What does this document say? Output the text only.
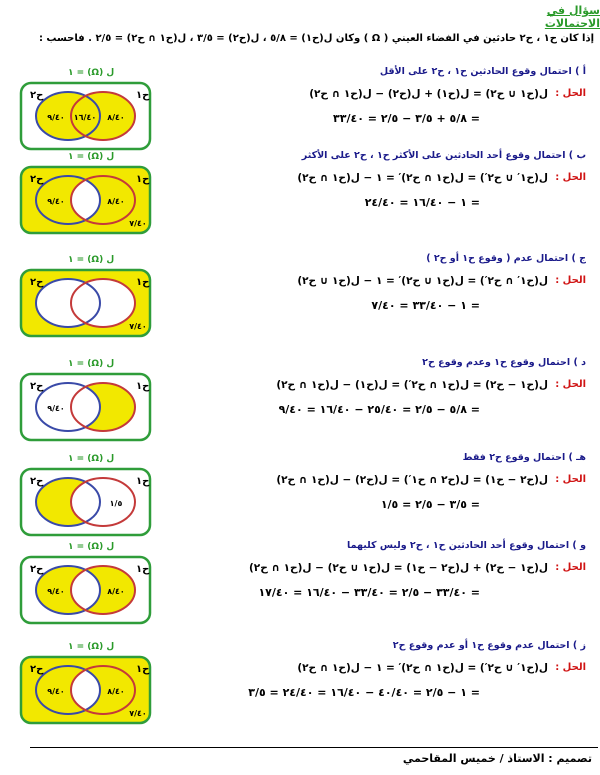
سؤال في الاحتمالات
إذا كان ح١ ، ح٢ حادثين في الفضاء العيني ( Ω ) وكان ل(ح١) = ٥/٨ ، ل(ح٢) = ٣/٥ ، ل(ح١ ∩ ح٢) = ٢/٥ . فاحسب :
أ ) احتمال وقوع الحادثين ح١ ، ح٢ على الأقل
الحل :
ل(ح١ ∪ ح٢) = ل(ح١) + ل(ح٢) − ل(ح١ ∩ ح٢)
= ٥/٨ + ٣/٥ − ٢/٥ = ٣٣/٤٠
ل (Ω) = ١
ح٢	ح١
٩/٤٠ ١٦/٤٠ ٨/٤٠
ب ) احتمال وقوع أحد الحادثين على الأكثر ح١ ، ح٢ على الأكثر
الحل :
ل(ح١′ ∪ ح٢′) = ل(ح١ ∩ ح٢)′ = ١ − ل(ح١ ∩ ح٢)
= ١ − ١٦/٤٠ = ٢٤/٤٠
ل (Ω) = ١
ح٢	ح١
٩/٤٠	٨/٤٠
٧/٤٠
ج ) احتمال عدم ( وقوع ح١ أو ح٢ )
الحل :
ل(ح١′ ∩ ح٢′) = ل(ح١ ∪ ح٢)′ = ١ − ل(ح١ ∪ ح٢)
= ١ − ٣٣/٤٠ = ٧/٤٠
ل (Ω) = ١
ح٢	ح١
٧/٤٠
د ) احتمال وقوع ح١ وعدم وقوع ح٢
الحل :
ل(ح١ − ح٢) = ل(ح١ ∩ ح٢′) = ل(ح١) − ل(ح١ ∩ ح٢)
= ٥/٨ − ٢/٥ = ٢٥/٤٠ − ١٦/٤٠ = ٩/٤٠
ل (Ω) = ١
ح٢	ح١
٩/٤٠
هـ ) احتمال وقوع ح٢ فقط
الحل :
ل(ح٢ − ح١) = ل(ح٢ ∩ ح١′) = ل(ح٢) − ل(ح١ ∩ ح٢)
= ٣/٥ − ٢/٥ = ١/٥
ل (Ω) = ١
ح٢	ح١
١/٥
و ) احتمال وقوع أحد الحادثين ح١ ، ح٢ وليس كليهما
الحل :
ل(ح١ − ح٢) + ل(ح٢ − ح١) = ل(ح١ ∪ ح٢) − ل(ح١ ∩ ح٢)
= ٣٣/٤٠ − ٢/٥ = ٣٣/٤٠ − ١٦/٤٠ = ١٧/٤٠
ل (Ω) = ١
ح٢	ح١
٩/٤٠	٨/٤٠
ز ) احتمال عدم وقوع ح١ أو عدم وقوع ح٢
الحل :
ل(ح١′ ∪ ح٢′) = ل(ح١ ∩ ح٢)′ = ١ − ل(ح١ ∩ ح٢)
= ١ − ٢/٥ = ٤٠/٤٠ − ١٦/٤٠ = ٢٤/٤٠ = ٣/٥
ل (Ω) = ١
ح٢	ح١
٩/٤٠	٨/٤٠
٧/٤٠
تصميم : الاستاذ / خميس المقاحمي
